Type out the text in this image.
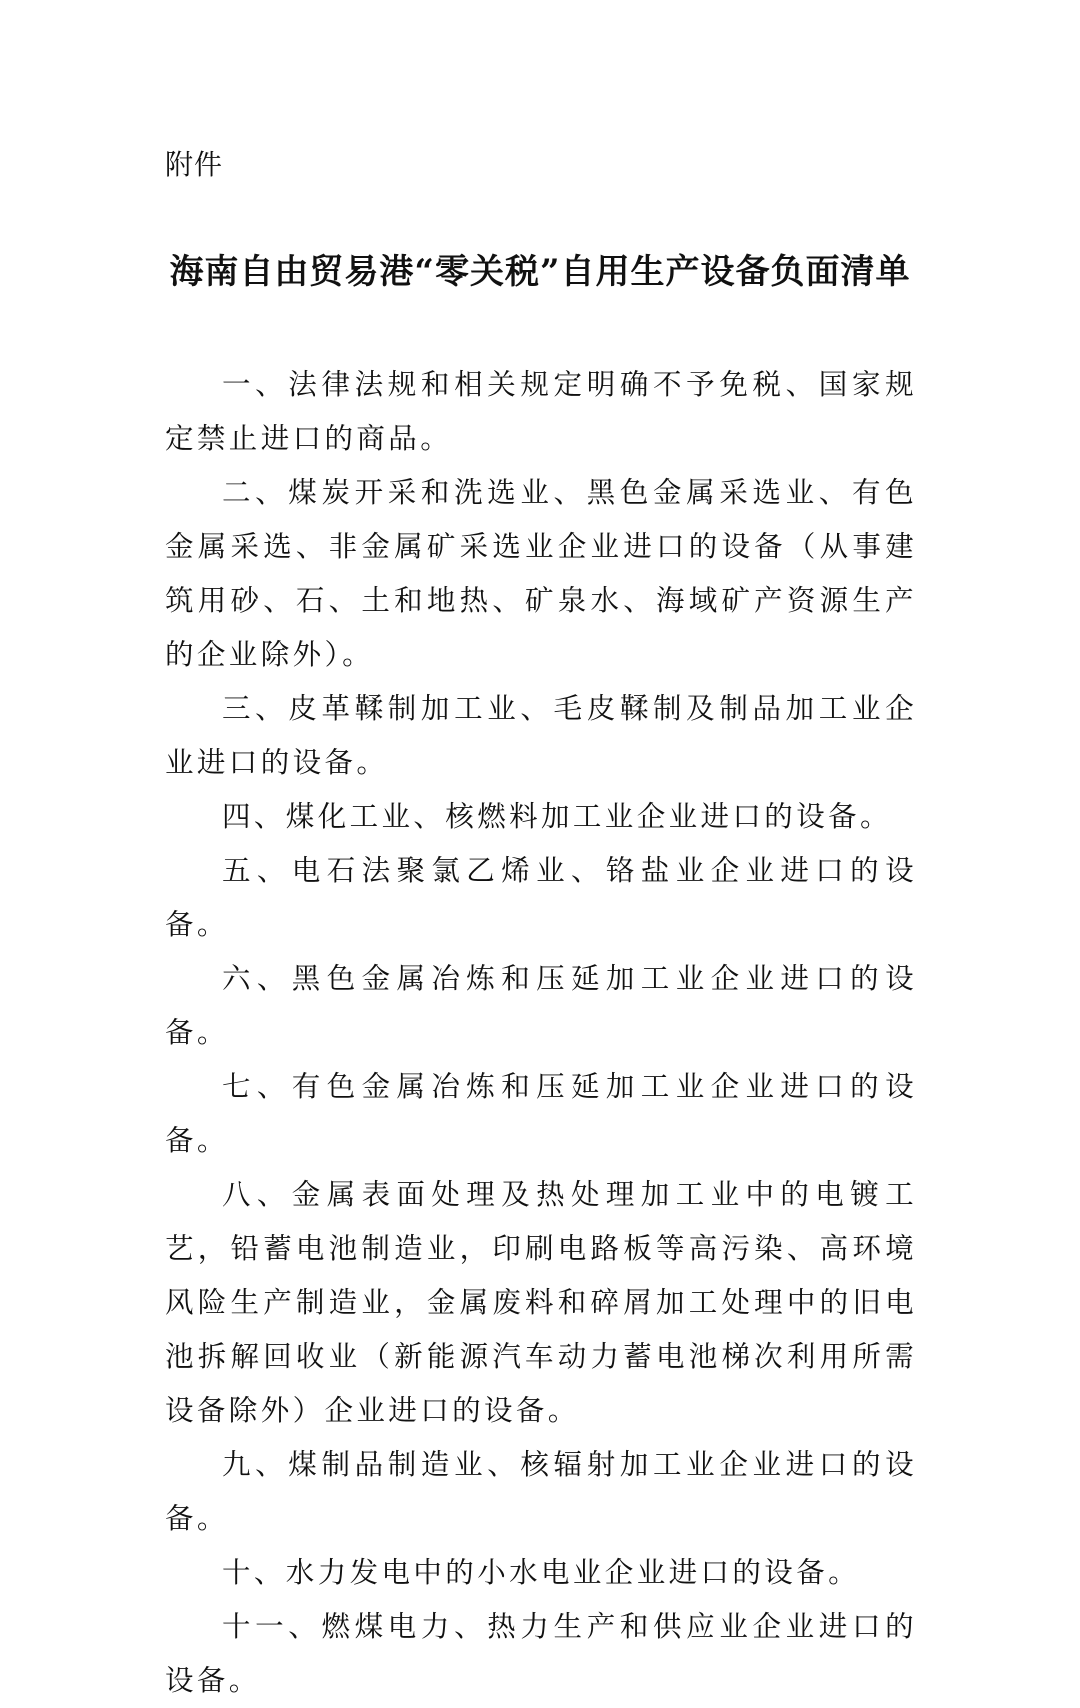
附件
海南自由贸易港“零关税”自用生产设备负面清单

一、法律法规和相关规定明确不予免税、国家规定禁止进口的商品。

二、煤炭开采和洗选业、黑色金属采选业、有色金属采选、非金属矿采选业企业进口的设备（从事建筑用砂、石、土和地热、矿泉水、海域矿产资源生产的企业除外）。

三、皮革鞣制加工业、毛皮鞣制及制品加工业企业进口的设备。

四、煤化工业、核燃料加工业企业进口的设备。

五、电石法聚氯乙烯业、铬盐业企业进口的设备。

六、黑色金属冶炼和压延加工业企业进口的设备。

七、有色金属冶炼和压延加工业企业进口的设备。

八、金属表面处理及热处理加工业中的电镀工艺，铅蓄电池制造业，印刷电路板等高污染、高环境风险生产制造业，金属废料和碎屑加工处理中的旧电池拆解回收业（新能源汽车动力蓄电池梯次利用所需设备除外）企业进口的设备。

九、煤制品制造业、核辐射加工业企业进口的设备。

十、水力发电中的小水电业企业进口的设备。

十一、燃煤电力、热力生产和供应业企业进口的设备。
